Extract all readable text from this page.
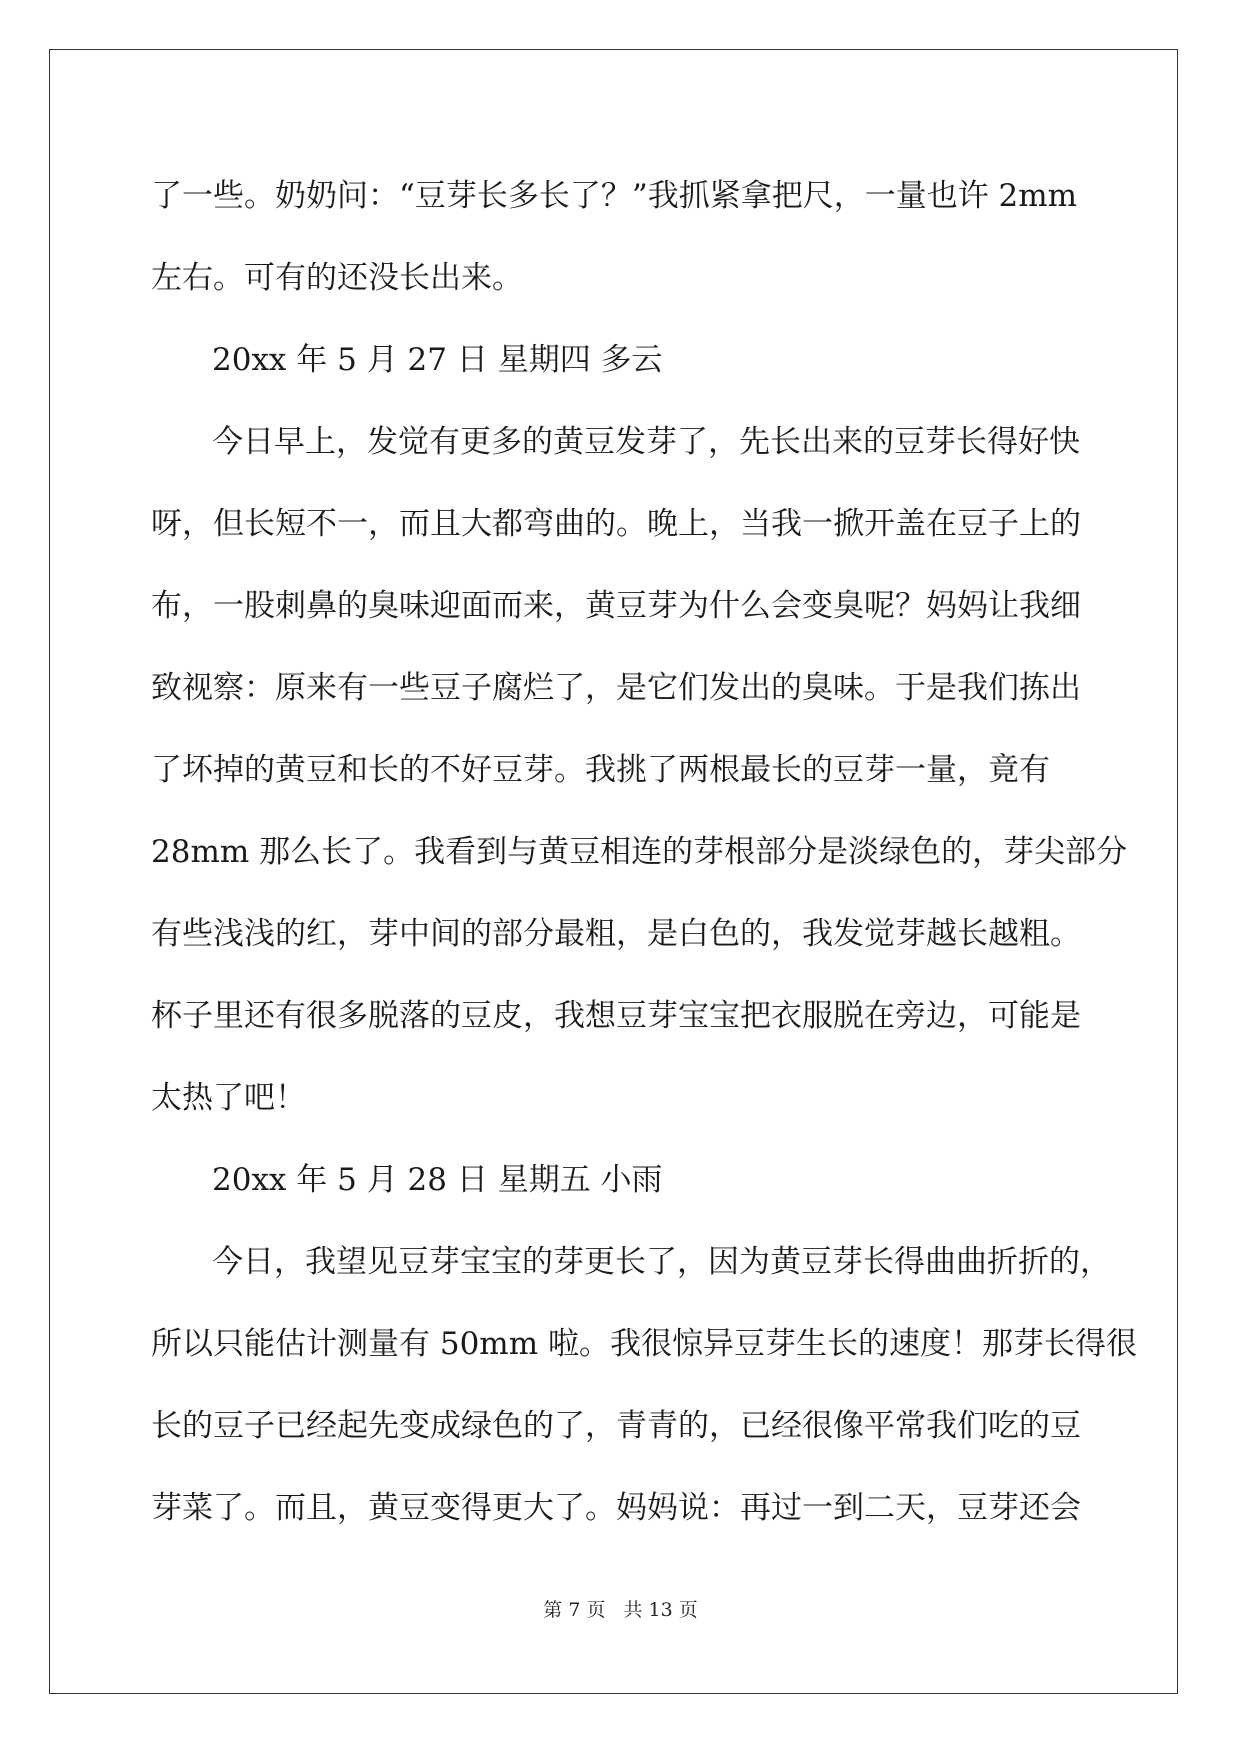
了一些。奶奶问：“豆芽长多长了？”我抓紧拿把尺，一量也许 2mm
左右。可有的还没长出来。
20xx 年 5 月 27 日 星期四 多云
今日早上，发觉有更多的黄豆发芽了，先长出来的豆芽长得好快
呀，但长短不一，而且大都弯曲的。晚上，当我一掀开盖在豆子上的
布，一股刺鼻的臭味迎面而来，黄豆芽为什么会变臭呢？妈妈让我细
致视察：原来有一些豆子腐烂了，是它们发出的臭味。于是我们拣出
了坏掉的黄豆和长的不好豆芽。我挑了两根最长的豆芽一量，竟有
28mm 那么长了。我看到与黄豆相连的芽根部分是淡绿色的，芽尖部分
有些浅浅的红，芽中间的部分最粗，是白色的，我发觉芽越长越粗。
杯子里还有很多脱落的豆皮，我想豆芽宝宝把衣服脱在旁边，可能是
太热了吧！
20xx 年 5 月 28 日 星期五 小雨
今日，我望见豆芽宝宝的芽更长了，因为黄豆芽长得曲曲折折的，
所以只能估计测量有 50mm 啦。我很惊异豆芽生长的速度！那芽长得很
长的豆子已经起先变成绿色的了，青青的，已经很像平常我们吃的豆
芽菜了。而且，黄豆变得更大了。妈妈说：再过一到二天，豆芽还会
第 7 页 共 13 页
